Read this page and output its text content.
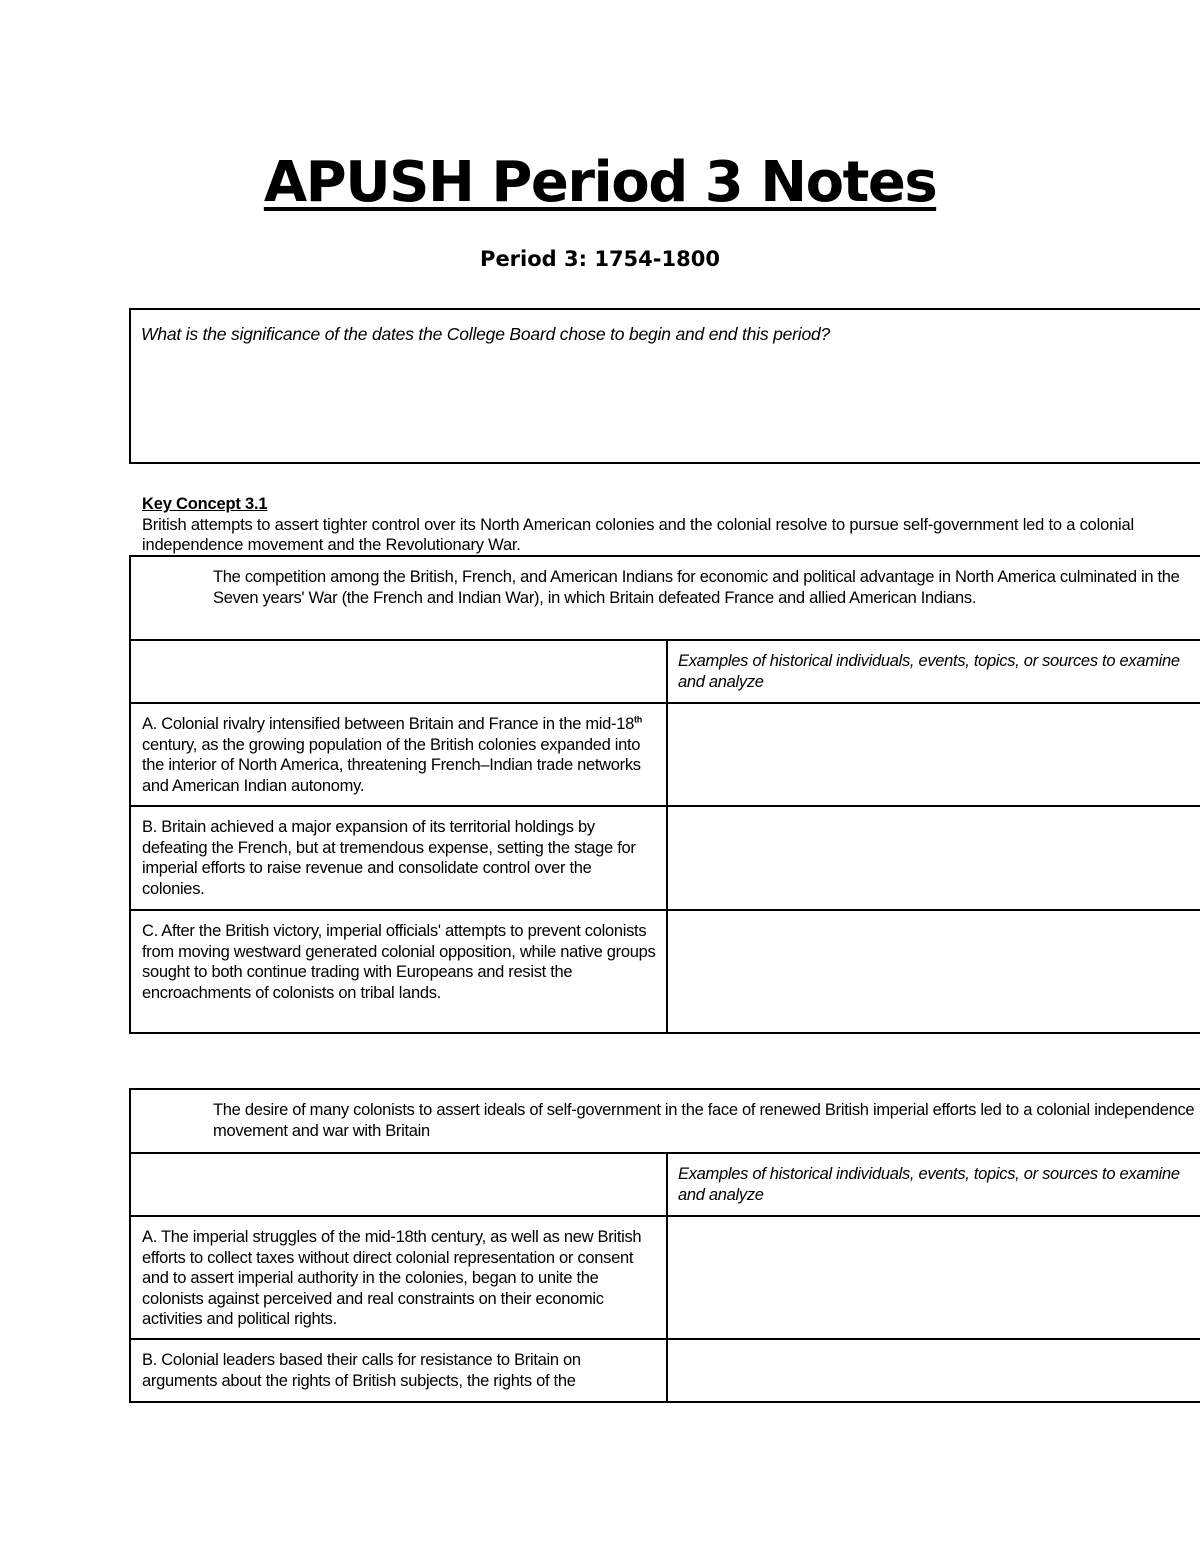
APUSH Period 3 Notes
Period 3: 1754-1800

What is the significance of the dates the College Board chose to begin and end this period?

Key Concept 3.1
British attempts to assert tighter control over its North American colonies and the colonial resolve to pursue self-government led to a colonial independence movement and the Revolutionary War.
The competition among the British, French, and American Indians for economic and political advantage in North America culminated in the Seven years' War (the French and Indian War), in which Britain defeated France and allied American Indians.	
	Examples of historical individuals, events, topics, or sources to examine and analyze
A. Colonial rivalry intensified between Britain and France in the mid-18th century, as the growing population of the British colonies expanded into the interior of North America, threatening French–Indian trade networks and American Indian autonomy.	
B. Britain achieved a major expansion of its territorial holdings by defeating the French, but at tremendous expense, setting the stage for imperial efforts to raise revenue and consolidate control over the colonies.	
C. After the British victory, imperial officials' attempts to prevent colonists from moving westward generated colonial opposition, while native groups sought to both continue trading with Europeans and resist the encroachments of colonists on tribal lands.	
The desire of many colonists to assert ideals of self-government in the face of renewed British imperial efforts led to a colonial independence movement and war with Britain	
	Examples of historical individuals, events, topics, or sources to examine and analyze
A. The imperial struggles of the mid-18th century, as well as new British efforts to collect taxes without direct colonial representation or consent and to assert imperial authority in the colonies, began to unite the colonists against perceived and real constraints on their economic activities and political rights.	
B. Colonial leaders based their calls for resistance to Britain on arguments about the rights of British subjects, the rights of the	
